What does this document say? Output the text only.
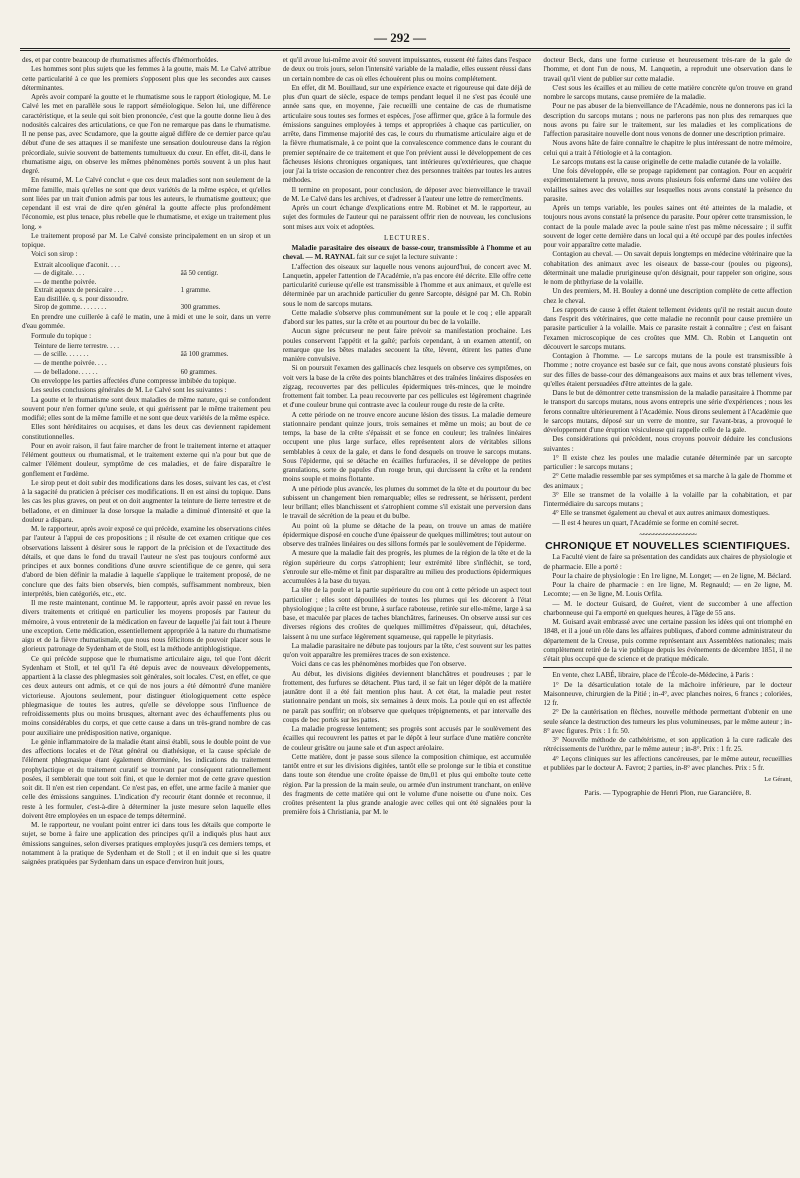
— 292 —

des, et par contre beaucoup de rhumatismes affectés d'hémorrhoïdes.

Les hommes sont plus sujets que les femmes à la goutte, mais M. Le Calvé attribue cette particularité à ce que les premiers s'opposent plus que les secondes aux causes déterminantes.

Après avoir comparé la goutte et le rhumatisme sous le rapport étiologique, M. Le Calvé les met en parallèle sous le rapport séméiologique. Selon lui, une différence caractéristique, et la seule qui soit bien prononcée, c'est que la goutte donne lieu à des nodosités calcaires des articulations, ce que l'on ne remarque pas dans le rhumatisme. Il ne pense pas, avec Scudamore, que la goutte aiguë diffère de ce dernier parce qu'au début d'une de ses attaques il se manifeste une sensation douloureuse dans la région précordiale, suivie souvent de battements tumultueux du cœur. En effet, dit-il, dans le rhumatisme aigu, on observe les mêmes phénomènes portés souvent à un plus haut degré.

En résumé, M. Le Calvé conclut « que ces deux maladies sont non seulement de la même famille, mais qu'elles ne sont que deux variétés de la même espèce, et qu'elles sont liées par un trait d'union admis par tous les auteurs, le rhumatisme goutteux; que cependant il est vrai de dire qu'en général la goutte affecte plus profondément l'économie, est plus tenace, plus rebelle que le rhumatisme, et exige un traitement plus long. »

Le traitement proposé par M. Le Calvé consiste principalement en un sirop et un topique.

Voici son sirop :

Extrait alcoolique d'aconit. . . .
— de digitale. . . .	ãã 50 centigr.
— de menthe poivrée.
Extrait aqueux de persicaire . . .	1 gramme.
Eau distillée. q. s. pour dissoudre.
Sirop de gomme. . . . . . . .	300 grammes.

En prendre une cuillerée à café le matin, une à midi et une le soir, dans un verre d'eau gommée.

Formule du topique :

Teinture de lierre terrestre. . . .
— de scille. . . . . . .	ãã 100 grammes.
— de menthe poivrée. . . .
— de belladone. . . . . .	60 grammes.

On enveloppe les parties affectées d'une compresse imbibée du topique.

Les seules conclusions générales de M. Le Calvé sont les suivantes :

La goutte et le rhumatisme sont deux maladies de même nature, qui se confondent souvent pour n'en former qu'une seule, et qui guérissent par le même traitement peu modifié; elles sont de la même famille et ne sont que deux variétés de la même espèce.

Elles sont héréditaires ou acquises, et dans les deux cas deviennent rapidement constitutionnelles.

Pour en avoir raison, il faut faire marcher de front le traitement interne et attaquer l'élément goutteux ou rhumatismal, et le traitement externe qui n'a pour but que de calmer l'élément douleur, symptôme de ces maladies, et de faire disparaître le gonflement et l'œdème.

Le sirop peut et doit subir des modifications dans les doses, suivant les cas, et c'est à la sagacité du praticien à préciser ces modifications. Il en est ainsi du topique. Dans les cas les plus graves, on peut et on doit augmenter la teinture de lierre terrestre et de belladone, et en diminuer la dose lorsque la maladie a diminué d'intensité et que la douleur a disparu.

M. le rapporteur, après avoir exposé ce qui précède, examine les observations citées par l'auteur à l'appui de ces propositions ; il résulte de cet examen critique que ces observations laissent à désirer sous le rapport de la précision et de l'exactitude des détails, et que dans le fond du travail l'auteur ne s'est pas toujours conformé aux principes et aux bonnes conditions d'une œuvre scientifique de ce genre, qui sera d'abord de bien définir la maladie à laquelle s'applique le traitement proposé, de ne conclure que des faits bien observés, bien comptés, suffisamment nombreux, bien interprétés, bien catégoriés, etc., etc.

Il me reste maintenant, continue M. le rapporteur, après avoir passé en revue les divers traitements et critiqué en particulier les moyens proposés par l'auteur du mémoire, à vous entretenir de la médication en faveur de laquelle j'ai fait tout à l'heure une exception. Cette médication, essentiellement appropriée à la nature du rhumatisme aigu et de la fièvre rhumatismale, que nous nous félicitons de pouvoir placer sous le glorieux patronage de Sydenham et de Stoll, est la méthode antiphlogistique.

Ce qui précède suppose que le rhumatisme articulaire aigu, tel que l'ont décrit Sydenham et Stoll, et tel qu'il l'a été depuis avec de nouveaux développements, appartient à la classe des phlegmasies soit générales, soit locales. C'est, en effet, ce que ces deux auteurs ont admis, et ce qui de nos jours a été démontré d'une manière victorieuse. Ajoutons seulement, pour distinguer étiologiquement cette espèce phlegmasique de toutes les autres, qu'elle se développe sous l'influence de refroidissements plus ou moins brusques, alternant avec des échauffements plus ou moins considérables du corps, et que cette cause a dans un très-grand nombre de cas pour auxiliaire une prédisposition native, organique.

Le génie inflammatoire de la maladie étant ainsi établi, sous le double point de vue des affections locales et de l'état général ou diathésique, et la cause spéciale de l'élément phlegmasique étant également déterminée, les indications du traitement prophylactique et du traitement curatif se trouvant par conséquent rationnellement posées, il semblerait que tout soit fini, et que le dernier mot de cette grave question soit dit. Il n'en est rien cependant. Ce n'est pas, en effet, une arme facile à manier que celle des émissions sanguines. L'indication d'y recourir étant donnée et reconnue, il reste à les formuler, c'est-à-dire à déterminer la juste mesure selon laquelle elles doivent être employées en un espace de temps déterminé.

M. le rapporteur, ne voulant point entrer ici dans tous les détails que comporte le sujet, se borne à faire une application des principes qu'il a indiqués plus haut aux émissions sanguines, selon diverses pratiques employées jusqu'à ces derniers temps, et notamment à la pratique de Sydenham et de Stoll ; et il en induit que si les quatre saignées pratiquées par Sydenham dans un espace d'environ huit jours,

et qu'il avoue lui-même avoir été souvent impuissantes, eussent été faites dans l'espace de deux ou trois jours, selon l'intensité variable de la maladie, elles eussent réussi dans un certain nombre de cas où elles échouèrent plus ou moins complétement.

En effet, dit M. Bouillaud, sur une expérience exacte et rigoureuse qui date déjà de plus d'un quart de siècle, espace de temps pendant lequel il ne s'est pas écoulé une année sans que, en moyenne, j'aie recueilli une centaine de cas de rhumatisme articulaire sous toutes ses formes et espèces, j'ose affirmer que, grâce à la formule des émissions sanguines employées à temps et appropriées à chaque cas particulier, on arrête, dans l'immense majorité des cas, le cours du rhumatisme articulaire aigu et de la fièvre rhumatismale, à ce point que la convalescence commence dans le courant du premier septénaire de ce traitement et que l'on prévient aussi le développement de ces fâcheuses lésions chroniques organiques, tant intérieures qu'extérieures, que chaque jour j'ai la triste occasion de rencontrer chez des personnes traitées par toutes les autres méthodes.

Il termine en proposant, pour conclusion, de déposer avec bienveillance le travail de M. Le Calvé dans les archives, et d'adresser à l'auteur une lettre de remercîments.

Après un court échange d'explications entre M. Robinet et M. le rapporteur, au sujet des formules de l'auteur qui ne paraissent offrir rien de nouveau, les conclusions sont mises aux voix et adoptées.

LECTURES.

Maladie parasitaire des oiseaux de basse-cour, transmissible à l'homme et au cheval. — M. RAYNAL fait sur ce sujet la lecture suivante :

L'affection des oiseaux sur laquelle nous venons aujourd'hui, de concert avec M. Lanquetin, appeler l'attention de l'Académie, n'a pas encore été décrite. Elle offre cette particularité curieuse qu'elle est transmissible à l'homme et aux animaux, et qu'elle est déterminée par un arachnide particulier du genre Sarcopte, désigné par M. Ch. Robin sous le nom de sarcops mutans.

Cette maladie s'observe plus communément sur la poule et le coq ; elle apparaît d'abord sur les pattes, sur la crête et au pourtour du bec de la volaille.

Aucun signe précurseur ne peut faire prévoir sa manifestation prochaine. Les poules conservent l'appétit et la gaîté; parfois cependant, à un examen attentif, on remarque que les bêtes malades secouent la tête, lèvent, étirent les pattes d'une manière convulsive.

Si on poursuit l'examen des gallinacés chez lesquels on observe ces symptômes, on voit vers la base de la crête des points blanchâtres et des traînées linéaires disposées en zigzag, recouvertes par des pellicules épidermiques très-minces, que le moindre frottement fait tomber. La peau recouverte par ces pellicules est légèrement chagrinée et d'une couleur brune qui contraste avec la couleur rouge du reste de la crête.

A cette période on ne trouve encore aucune lésion des tissus. La maladie demeure stationnaire pendant quinze jours, trois semaines et même un mois; au bout de ce temps, la base de la crête s'épaissit et se fonce en couleur; les traînées linéaires occupent une plus large surface, elles représentent alors de véritables sillons semblables à ceux de la gale, et dans le fond desquels on trouve le sarcops mutans. Sous l'épiderme, qui se détache en écailles furfuracées, il se développe de petites granulations, sorte de papules d'un rouge brun, qui durcissent la crête et la rendent moins souple et moins flottante.

A une période plus avancée, les plumes du sommet de la tête et du pourtour du bec subissent un changement bien remarquable; elles se redressent, se hérissent, perdent leur brillant; elles blanchissent et s'atrophient comme s'il existait une perversion dans le travail de sécrétion de la peau et du bulbe.

Au point où la plume se détache de la peau, on trouve un amas de matière épidermique disposé en couche d'une épaisseur de quelques millimètres; tout autour on observe des traînées linéaires ou des sillons formés par le soulèvement de l'épiderme.

A mesure que la maladie fait des progrès, les plumes de la région de la tête et de la région supérieure du corps s'atrophient; leur extrémité libre s'infléchit, se tord, s'enroule sur elle-même et finit par disparaître au milieu des productions épidermiques accumulées à la base du tuyau.

La tête de la poule et la partie supérieure du cou ont à cette période un aspect tout particulier ; elles sont dépouillées de toutes les plumes qui les décorent à l'état physiologique ; la crête est brune, à surface raboteuse, retirée sur elle-même, large à sa base, et maculée par places de taches blanchâtres, farineuses. On observe aussi sur ces diverses régions des croûtes de quelques millimètres d'épaisseur, qui, détachées, laissent à nu une surface légèrement squameuse, qui rappelle le pityriasis.

La maladie parasitaire ne débute pas toujours par la tête, c'est souvent sur les pattes qu'on voit apparaître les premières traces de son existence.

Voici dans ce cas les phénomènes morbides que l'on observe.

Au début, les divisions digitées deviennent blanchâtres et poudreuses ; par le frottement, des furfures se détachent. Plus tard, il se fait un léger dépôt de la matière jaunâtre dont il a été fait mention plus haut. A cet état, la maladie peut rester stationnaire pendant un mois, six semaines à deux mois. La poule qui en est affectée ne paraît pas souffrir; on n'observe que quelques trépignements, et par intervalle des coups de bec portés sur les pattes.

La maladie progresse lentement; ses progrès sont accusés par le soulèvement des écailles qui recouvrent les pattes et par le dépôt à leur surface d'une matière concrète de couleur grisâtre ou jaune sale et d'un aspect aréolaire.

Cette matière, dont je passe sous silence la composition chimique, est accumulée tantôt entre et sur les divisions digitées, tantôt elle se prolonge sur le tibia et constitue dans toute son étendue une croûte épaisse de 0m,01 et plus qui emboîte toute cette région. Par la pression de la main seule, ou armée d'un instrument tranchant, on enlève des fragments de cette matière qui ont le volume d'une noisette ou d'une noix. Ces croûtes présentent la plus grande analogie avec celles qui ont été signalées pour la première fois à Christiania, par M. le

docteur Beck, dans une forme curieuse et heureusement très-rare de la gale de l'homme, et dont l'un de nous, M. Lanquetin, a reproduit une observation dans le travail qu'il vient de publier sur cette maladie.

C'est sous les écailles et au milieu de cette matière concrète qu'on trouve en grand nombre le sarcops mutans, cause première de la maladie.

Pour ne pas abuser de la bienveillance de l'Académie, nous ne donnerons pas ici la description du sarcops mutans ; nous ne parlerons pas non plus des remarques que nous avons pu faire sur le traitement, sur les maladies et les complications de l'affection parasitaire nouvelle dont nous venons de donner une description primaire.

Nous avons hâte de faire connaître le chapitre le plus intéressant de notre mémoire, celui qui a trait à l'étiologie et à la contagion.

Le sarcops mutans est la cause originelle de cette maladie cutanée de la volaille.

Une fois développée, elle se propage rapidement par contagion. Pour en acquérir expérimentalement la preuve, nous avons plusieurs fois enfermé dans une volière des volailles saines avec des volailles sur lesquelles nous avons constaté la présence du parasite.

Après un temps variable, les poules saines ont été atteintes de la maladie, et toujours nous avons constaté la présence du parasite. Pour opérer cette transmission, le contact de la poule malade avec la poule saine n'est pas même nécessaire ; il suffit souvent de loger cette dernière dans un local qui a été occupé par des poules infectées pour voir apparaître cette maladie.

Contagion au cheval. — On savait depuis longtemps en médecine vétérinaire que la cohabitation des animaux avec les oiseaux de basse-cour (poules ou pigeons), déterminait une maladie prurigineuse qu'on désignait, pour rappeler son origine, sous le nom de phthyriase de la volaille.

Un des premiers, M. H. Bouley a donné une description complète de cette affection chez le cheval.

Les rapports de cause à effet étaient tellement évidents qu'il ne restait aucun doute dans l'esprit des vétérinaires, que cette maladie ne reconnût pour cause première un parasite particulier à la volaille. Mais ce parasite restait à connaître ; c'est en faisant l'examen microscopique de ces croûtes que MM. Ch. Robin et Lanquetin ont découvert le sarcops mutans.

Contagion à l'homme. — Le sarcops mutans de la poule est transmissible à l'homme ; notre croyance est basée sur ce fait, que nous avons constaté plusieurs fois sur des filles de basse-cour des démangeaisons aux mains et aux bras tellement vives, qu'elles étaient persuadées d'être atteintes de la gale.

Dans le but de démontrer cette transmission de la maladie parasitaire à l'homme par le transport du sarcops mutans, nous avons entrepris une série d'expériences ; nous les ferons connaître ultérieurement à l'Académie. Nous dirons seulement à l'Académie que le sarcops mutans, déposé sur un verre de montre, sur l'avant-bras, a provoqué le développement d'une éruption vésiculeuse qui rappelle celle de la gale.

Des considérations qui précèdent, nous croyons pouvoir déduire les conclusions suivantes :

1° Il existe chez les poules une maladie cutanée déterminée par un sarcopte particulier : le sarcops mutans ;

2° Cette maladie ressemble par ses symptômes et sa marche à la gale de l'homme et des animaux ;

3° Elle se transmet de la volaille à la volaille par la cohabitation, et par l'intermédiaire du sarcops mutans ;

4° Elle se transmet également au cheval et aux autres animaux domestiques.

— Il est 4 heures un quart, l'Académie se forme en comité secret.

~~~~~~~~~~~~~~~~~
CHRONIQUE ET NOUVELLES SCIENTIFIQUES.

La Faculté vient de faire sa présentation des candidats aux chaires de physiologie et de pharmacie. Elle a porté :

Pour la chaire de physiologie : En 1re ligne, M. Longet; — en 2e ligne, M. Béclard.

Pour la chaire de pharmacie : en 1re ligne, M. Regnauld; — en 2e ligne, M. Lecomte; — en 3e ligne, M. Louis Orfila.

— M. le docteur Guisard, de Guéret, vient de succomber à une affection charbonneuse qui l'a emporté en quelques heures, à l'âge de 55 ans.

M. Guisard avait embrassé avec une certaine passion les idées qui ont triomphé en 1848, et il a joué un rôle dans les affaires publiques, d'abord comme administrateur du département de la Creuse, puis comme représentant aux Assemblées nationales; mais complètement retiré de la vie publique depuis les événements de décembre 1851, il ne s'était plus occupé que de science et de pratique médicale.

En vente, chez LABÉ, libraire, place de l'École-de-Médecine, à Paris :

1° De la désarticulation totale de la mâchoire inférieure, par le docteur Maisonneuve, chirurgien de la Pitié ; in-4°, avec planches noires, 6 francs ; coloriées, 12 fr.

2° De la cautérisation en flèches, nouvelle méthode permettant d'obtenir en une seule séance la destruction des tumeurs les plus volumineuses, par le même auteur ; in-8° avec figures. Prix : 1 fr. 50.

3° Nouvelle méthode de cathétérisme, et son application à la cure radicale des rétrécissements de l'urèthre, par le même auteur ; in-8°. Prix : 1 fr. 25.

4° Leçons cliniques sur les affections cancéreuses, par le même auteur, recueillies et publiées par le docteur A. Favrot; 2 parties, in-8° avec planches. Prix : 5 fr.

Le Gérant,
Paris. — Typographie de Henri Plon, rue Garancière, 8.
